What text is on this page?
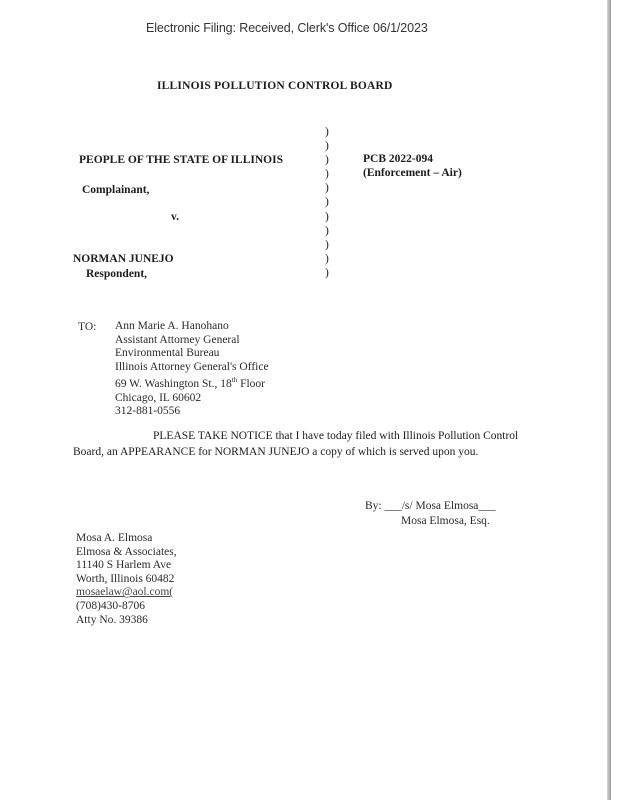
Electronic Filing: Received, Clerk's Office 06/1/2023
ILLINOIS POLLUTION CONTROL BOARD
PEOPLE OF THE STATE OF ILLINOIS
Complainant,
v.
NORMAN JUNEJO
Respondent,
)
)
)
)
)
)
)
)
)
)
)
PCB 2022-094
(Enforcement – Air)
TO: Ann Marie A. Hanohano
Assistant Attorney General
Environmental Bureau
Illinois Attorney General's Office
69 W. Washington St., 18th Floor
Chicago, IL 60602
312-881-0556
PLEASE TAKE NOTICE that I have today filed with Illinois Pollution Control
Board, an APPEARANCE for NORMAN JUNEJO a copy of which is served upon you.
By: ___/s/ Mosa Elmosa___
Mosa Elmosa, Esq.
Mosa A. Elmosa
Elmosa & Associates,
11140 S Harlem Ave
Worth, Illinois 60482
mosaelaw@aol.com(
(708)430-8706
Atty No. 39386
